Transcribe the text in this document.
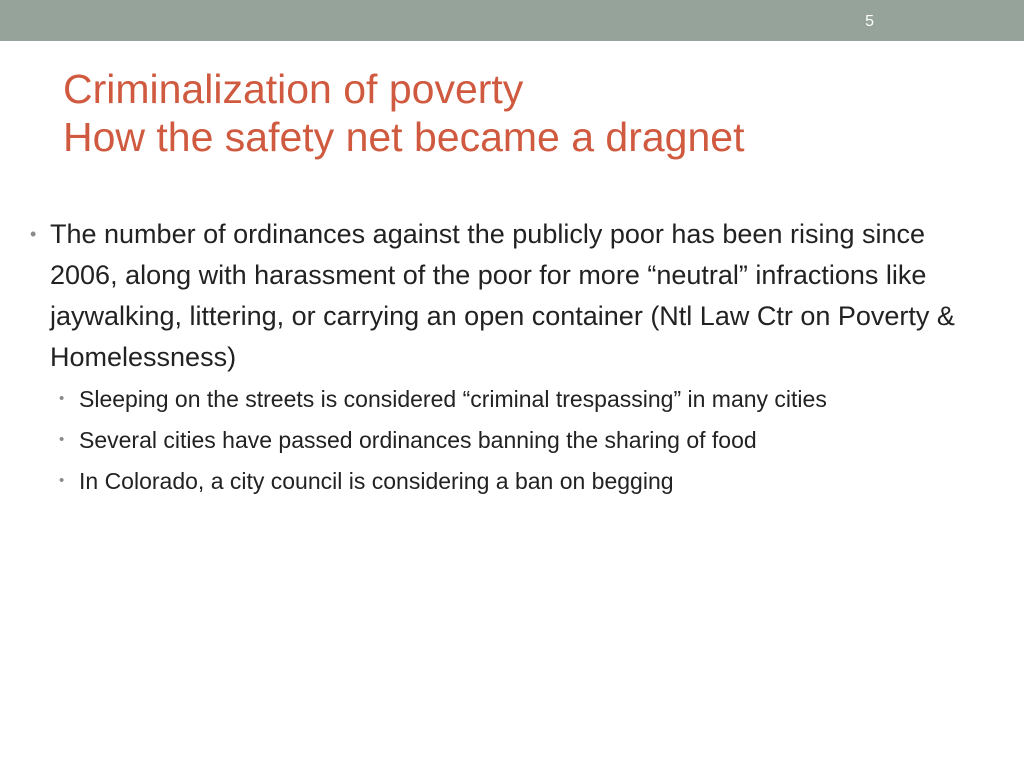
5
Criminalization of poverty
How the safety net became a dragnet
• The number of ordinances against the publicly poor has been rising since 2006, along with harassment of the poor for more “neutral” infractions like jaywalking, littering, or carrying an open container (Ntl Law Ctr on Poverty & Homelessness)
• Sleeping on the streets is considered “criminal trespassing” in many cities
• Several cities have passed ordinances banning the sharing of food
• In Colorado, a city council is considering a ban on begging
